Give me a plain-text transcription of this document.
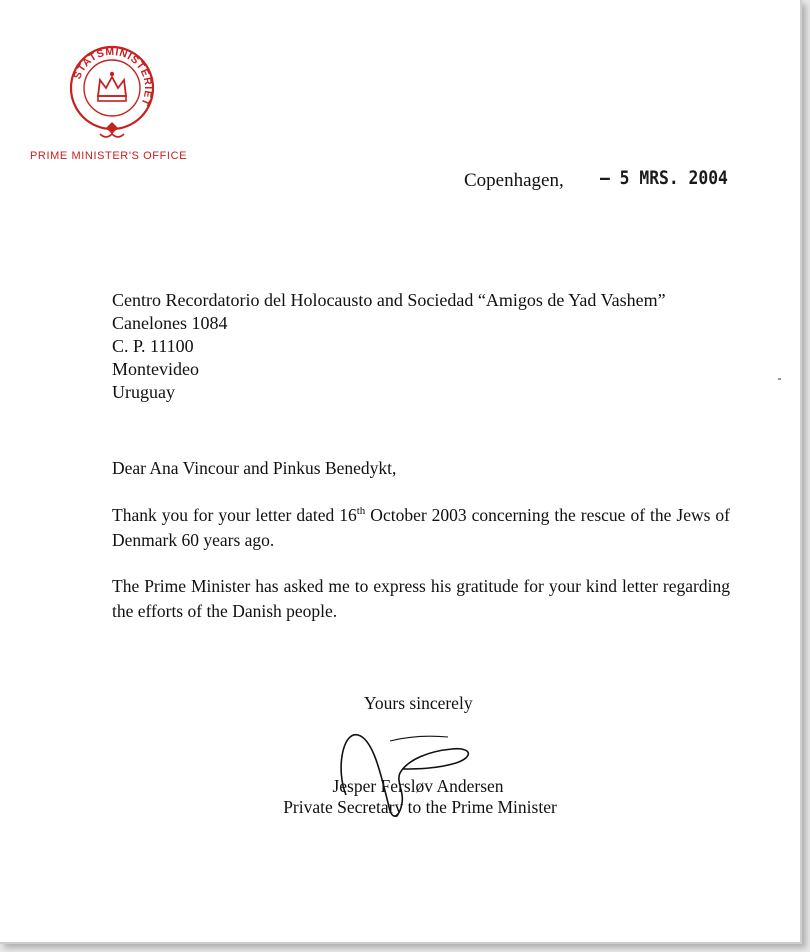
STATSMINISTERIET
PRIME MINISTER'S OFFICE
Copenhagen, – 5 MRS. 2004
Centro Recordatorio del Holocausto and Sociedad “Amigos de Yad Vashem”
Canelones 1084
C. P. 11100
Montevideo
Uruguay
Dear Ana Vincour and Pinkus Benedykt,
Thank you for your letter dated 16th October 2003 concerning the rescue of the Jews of Denmark 60 years ago.
The Prime Minister has asked me to express his gratitude for your kind letter regarding the efforts of the Danish people.
Yours sincerely
Jesper Fersløv Andersen
Private Secretary to the Prime Minister
